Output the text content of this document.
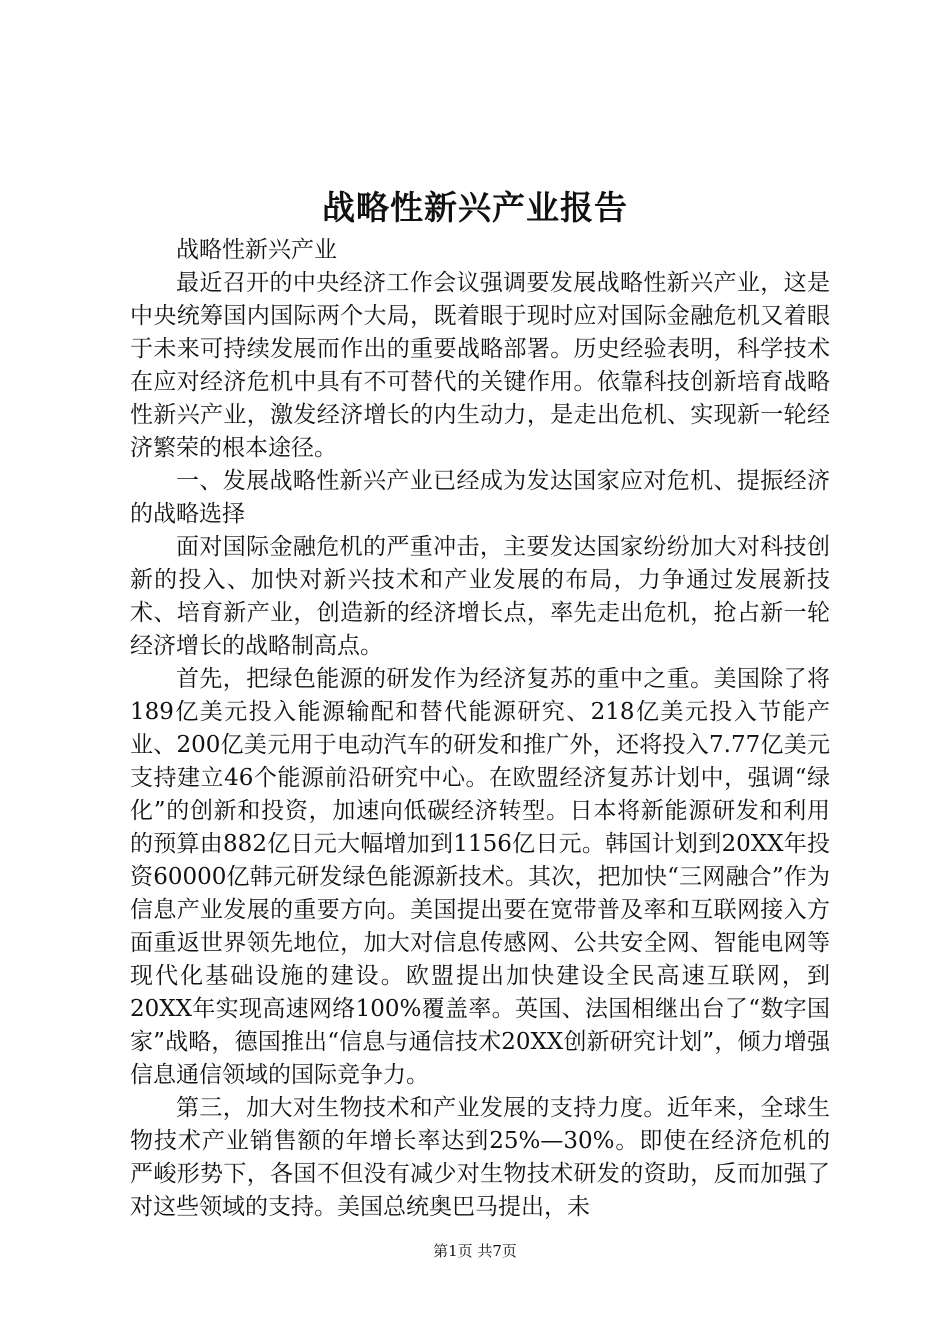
战略性新兴产业报告

战略性新兴产业

最近召开的中央经济工作会议强调要发展战略性新兴产业，这是中央统筹国内国际两个大局，既着眼于现时应对国际金融危机又着眼于未来可持续发展而作出的重要战略部署。历史经验表明，科学技术在应对经济危机中具有不可替代的关键作用。依靠科技创新培育战略性新兴产业，激发经济增长的内生动力，是走出危机、实现新一轮经济繁荣的根本途径。

一、发展战略性新兴产业已经成为发达国家应对危机、提振经济的战略选择

面对国际金融危机的严重冲击，主要发达国家纷纷加大对科技创新的投入、加快对新兴技术和产业发展的布局，力争通过发展新技术、培育新产业，创造新的经济增长点，率先走出危机，抢占新一轮经济增长的战略制高点。

首先，把绿色能源的研发作为经济复苏的重中之重。美国除了将189亿美元投入能源输配和替代能源研究、218亿美元投入节能产业、200亿美元用于电动汽车的研发和推广外，还将投入7.77亿美元支持建立46个能源前沿研究中心。在欧盟经济复苏计划中，强调“绿化”的创新和投资，加速向低碳经济转型。日本将新能源研发和利用的预算由882亿日元大幅增加到1156亿日元。韩国计划到20XX年投资60000亿韩元研发绿色能源新技术。其次，把加快“三网融合”作为信息产业发展的重要方向。美国提出要在宽带普及率和互联网接入方面重返世界领先地位，加大对信息传感网、公共安全网、智能电网等现代化基础设施的建设。欧盟提出加快建设全民高速互联网，到20XX年实现高速网络100%覆盖率。英国、法国相继出台了“数字国家”战略，德国推出“信息与通信技术20XX创新研究计划”，倾力增强信息通信领域的国际竞争力。

第三，加大对生物技术和产业发展的支持力度。近年来，全球生物技术产业销售额的年增长率达到25%—30%。即使在经济危机的严峻形势下，各国不但没有减少对生物技术研发的资助，反而加强了对这些领域的支持。美国总统奥巴马提出，未

第1页 共7页
